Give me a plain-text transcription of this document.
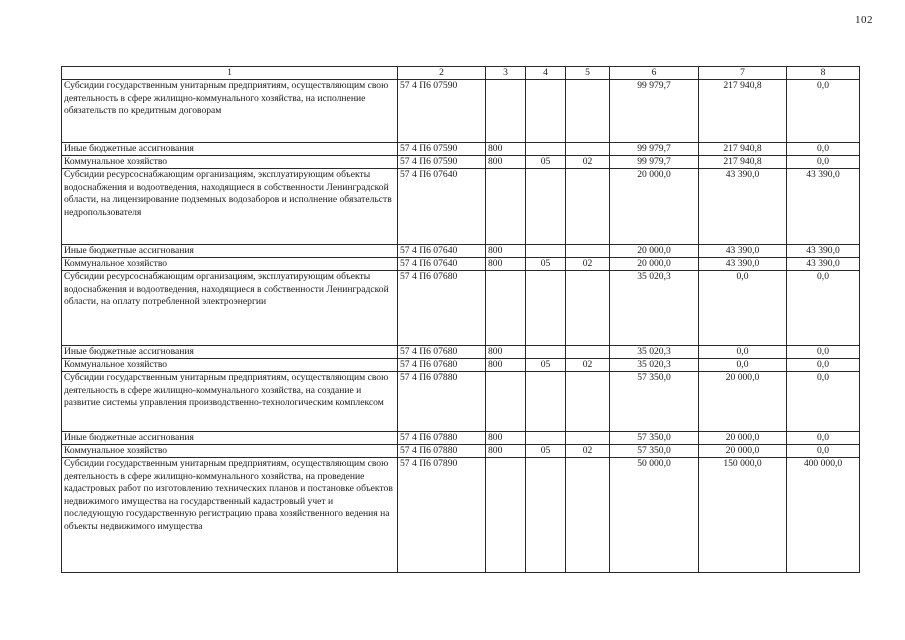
102
1	2	3	4	5	6	7	8
Субсидии государственным унитарным предприятиям, осуществляющим свою деятельность в сфере жилищно-коммунального хозяйства, на исполнение обязательств по кредитным договорам	57 4 П6 07590				99 979,7	217 940,8	0,0
Иные бюджетные ассигнования	57 4 П6 07590	800			99 979,7	217 940,8	0,0
Коммунальное хозяйство	57 4 П6 07590	800	05	02	99 979,7	217 940,8	0,0
Субсидии ресурсоснабжающим организациям, эксплуатирующим объекты водоснабжения и водоотведения, находящиеся в собственности Ленинградской области, на лицензирование подземных водозаборов и исполнение обязательств недропользователя	57 4 П6 07640				20 000,0	43 390,0	43 390,0
Иные бюджетные ассигнования	57 4 П6 07640	800			20 000,0	43 390,0	43 390,0
Коммунальное хозяйство	57 4 П6 07640	800	05	02	20 000,0	43 390,0	43 390,0
Субсидии ресурсоснабжающим организациям, эксплуатирующим объекты водоснабжения и водоотведения, находящиеся в собственности Ленинградской области, на оплату потребленной электроэнергии	57 4 П6 07680				35 020,3	0,0	0,0
Иные бюджетные ассигнования	57 4 П6 07680	800			35 020,3	0,0	0,0
Коммунальное хозяйство	57 4 П6 07680	800	05	02	35 020,3	0,0	0,0
Субсидии государственным унитарным предприятиям, осуществляющим свою деятельность в сфере жилищно-коммунального хозяйства, на создание и развитие системы управления производственно-технологическим комплексом	57 4 П6 07880				57 350,0	20 000,0	0,0
Иные бюджетные ассигнования	57 4 П6 07880	800			57 350,0	20 000,0	0,0
Коммунальное хозяйство	57 4 П6 07880	800	05	02	57 350,0	20 000,0	0,0
Субсидии государственным унитарным предприятиям, осуществляющим свою деятельность в сфере жилищно-коммунального хозяйства, на проведение кадастровых работ по изготовлению технических планов и постановке объектов недвижимого имущества на государственный кадастровый учет и последующую государственную регистрацию права хозяйственного ведения на объекты недвижимого имущества	57 4 П6 07890				50 000,0	150 000,0	400 000,0
